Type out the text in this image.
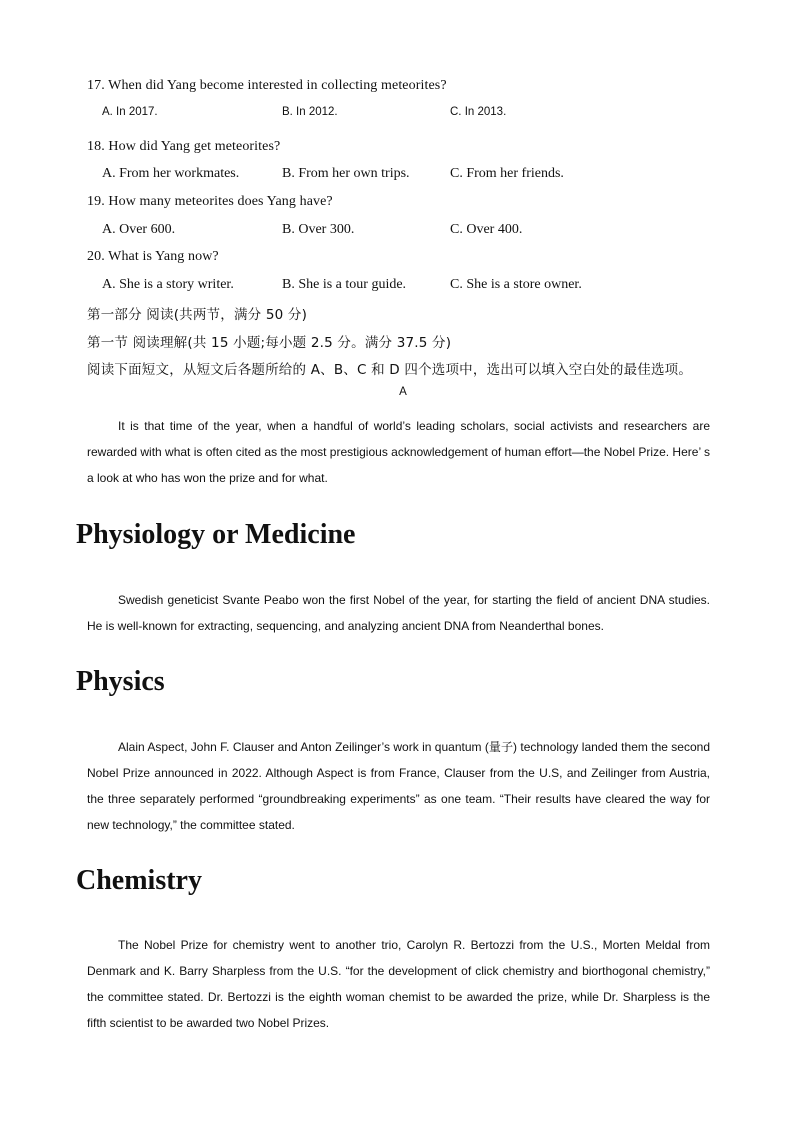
17. When did Yang become interested in collecting meteorites?
A. In 2017.	B. In 2012.	C. In 2013.
18. How did Yang get meteorites?
A. From her workmates.	B. From her own trips.	C. From her friends.
19. How many meteorites does Yang have?
A. Over 600.	B. Over 300.	C. Over 400.
20. What is Yang now?
A. She is a story writer.	B. She is a tour guide.	C. She is a store owner.
第一部分 阅读(共两节，满分 50 分)
第一节 阅读理解(共 15 小题;每小题 2.5 分。满分 37.5 分)
阅读下面短文，从短文后各题所给的 A、B、C 和 D 四个选项中，选出可以填入空白处的最佳选项。
A

It is that time of the year, when a handful of world’s leading scholars, social activists and researchers are rewarded with what is often cited as the most prestigious acknowledgement of human effort—the Nobel Prize. Here’ s a look at who has won the prize and for what.

Physiology or Medicine

Swedish geneticist Svante Peabo won the first Nobel of the year, for starting the field of ancient DNA studies. He is well-known for extracting, sequencing, and analyzing ancient DNA from Neanderthal bones.

Physics

Alain Aspect, John F. Clauser and Anton Zeilinger’s work in quantum (量子) technology landed them the second Nobel Prize announced in 2022. Although Aspect is from France, Clauser from the U.S, and Zeilinger from Austria, the three separately performed “groundbreaking experiments” as one team. “Their results have cleared the way for new technology,” the committee stated.

Chemistry

The Nobel Prize for chemistry went to another trio, Carolyn R. Bertozzi from the U.S., Morten Meldal from Denmark and K. Barry Sharpless from the U.S. “for the development of click chemistry and biorthogonal chemistry,” the committee stated. Dr. Bertozzi is the eighth woman chemist to be awarded the prize, while Dr. Sharpless is the fifth scientist to be awarded two Nobel Prizes.
